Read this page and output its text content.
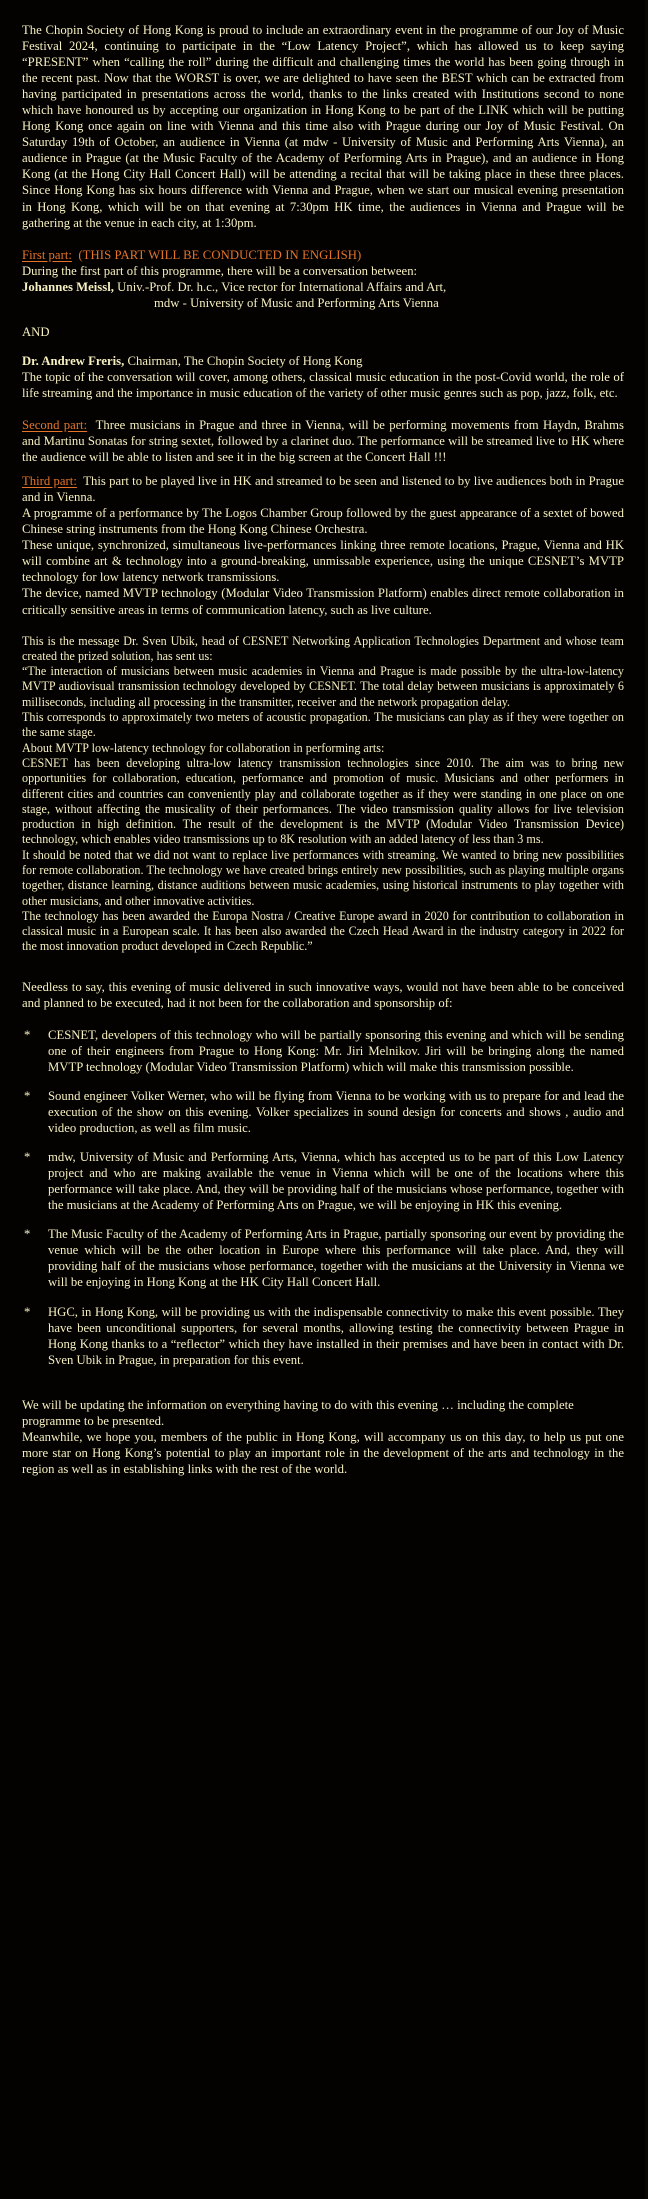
The Chopin Society of Hong Kong is proud to include an extraordinary event in the programme of our Joy of Music Festival 2024, continuing to participate in the “Low Latency Project”, which has allowed us to keep saying “PRESENT” when “calling the roll” during the difficult and challenging times the world has been going through in the recent past. Now that the WORST is over, we are delighted to have seen the BEST which can be extracted from having participated in presentations across the world, thanks to the links created with Institutions second to none which have honoured us by accepting our organization in Hong Kong to be part of the LINK which will be putting Hong Kong once again on line with Vienna and this time also with Prague during our Joy of Music Festival. On Saturday 19th of October, an audience in Vienna (at mdw - University of Music and Performing Arts Vienna), an audience in Prague (at the Music Faculty of the Academy of Performing Arts in Prague), and an audience in Hong Kong (at the Hong City Hall Concert Hall) will be attending a recital that will be taking place in these three places. Since Hong Kong has six hours difference with Vienna and Prague, when we start our musical evening presentation in Hong Kong, which will be on that evening at 7:30pm HK time, the audiences in Vienna and Prague will be gathering at the venue in each city, at 1:30pm.

First part: (THIS PART WILL BE CONDUCTED IN ENGLISH)

During the first part of this programme, there will be a conversation between:

Johannes Meissl, Univ.-Prof. Dr. h.c., Vice rector for International Affairs and Art,

mdw - University of Music and Performing Arts Vienna

AND

Dr. Andrew Freris, Chairman, The Chopin Society of Hong Kong

The topic of the conversation will cover, among others, classical music education in the post-Covid world, the role of life streaming and the importance in music education of the variety of other music genres such as pop, jazz, folk, etc.

Second part: Three musicians in Prague and three in Vienna, will be performing movements from Haydn, Brahms and Martinu Sonatas for string sextet, followed by a clarinet duo. The performance will be streamed live to HK where the audience will be able to listen and see it in the big screen at the Concert Hall !!!

Third part: This part to be played live in HK and streamed to be seen and listened to by live audiences both in Prague and in Vienna.

A programme of a performance by The Logos Chamber Group followed by the guest appearance of a sextet of bowed Chinese string instruments from the Hong Kong Chinese Orchestra.

These unique, synchronized, simultaneous live-performances linking three remote locations, Prague, Vienna and HK will combine art & technology into a ground-breaking, unmissable experience, using the unique CESNET’s MVTP technology for low latency network transmissions.

The device, named MVTP technology (Modular Video Transmission Platform) enables direct remote collaboration in critically sensitive areas in terms of communication latency, such as live culture.

This is the message Dr. Sven Ubik, head of CESNET Networking Application Technologies Department and whose team created the prized solution, has sent us:

“The interaction of musicians between music academies in Vienna and Prague is made possible by the ultra-low-latency MVTP audiovisual transmission technology developed by CESNET. The total delay between musicians is approximately 6 milliseconds, including all processing in the transmitter, receiver and the network propagation delay.

This corresponds to approximately two meters of acoustic propagation. The musicians can play as if they were together on the same stage.

About MVTP low-latency technology for collaboration in performing arts:

CESNET has been developing ultra-low latency transmission technologies since 2010. The aim was to bring new opportunities for collaboration, education, performance and promotion of music. Musicians and other performers in different cities and countries can conveniently play and collaborate together as if they were standing in one place on one stage, without affecting the musicality of their performances. The video transmission quality allows for live television production in high definition. The result of the development is the MVTP (Modular Video Transmission Device) technology, which enables video transmissions up to 8K resolution with an added latency of less than 3 ms.

It should be noted that we did not want to replace live performances with streaming. We wanted to bring new possibilities for remote collaboration. The technology we have created brings entirely new possibilities, such as playing multiple organs together, distance learning, distance auditions between music academies, using historical instruments to play together with other musicians, and other innovative activities.

The technology has been awarded the Europa Nostra / Creative Europe award in 2020 for contribution to collaboration in classical music in a European scale. It has been also awarded the Czech Head Award in the industry category in 2022 for the most innovation product developed in Czech Republic.”

Needless to say, this evening of music delivered in such innovative ways, would not have been able to be conceived and planned to be executed, had it not been for the collaboration and sponsorship of:

*	CESNET, developers of this technology who will be partially sponsoring this evening and which will be sending one of their engineers from Prague to Hong Kong: Mr. Jiri Melnikov. Jiri will be bringing along the named MVTP technology (Modular Video Transmission Platform) which will make this transmission possible.
*	Sound engineer Volker Werner, who will be flying from Vienna to be working with us to prepare for and lead the execution of the show on this evening. Volker specializes in sound design for concerts and shows , audio and video production, as well as film music.
*	mdw, University of Music and Performing Arts, Vienna, which has accepted us to be part of this Low Latency project and who are making available the venue in Vienna which will be one of the locations where this performance will take place. And, they will be providing half of the musicians whose performance, together with the musicians at the Academy of Performing Arts on Prague, we will be enjoying in HK this evening.
*	The Music Faculty of the Academy of Performing Arts in Prague, partially sponsoring our event by providing the venue which will be the other location in Europe where this performance will take place. And, they will providing half of the musicians whose performance, together with the musicians at the University in Vienna we will be enjoying in Hong Kong at the HK City Hall Concert Hall.
*	HGC, in Hong Kong, will be providing us with the indispensable connectivity to make this event possible. They have been unconditional supporters, for several months, allowing testing the connectivity between Prague in Hong Kong thanks to a “reflector” which they have installed in their premises and have been in contact with Dr. Sven Ubik in Prague, in preparation for this event.

We will be updating the information on everything having to do with this evening … including the complete programme to be presented.

Meanwhile, we hope you, members of the public in Hong Kong, will accompany us on this day, to help us put one more star on Hong Kong’s potential to play an important role in the development of the arts and technology in the region as well as in establishing links with the rest of the world.
